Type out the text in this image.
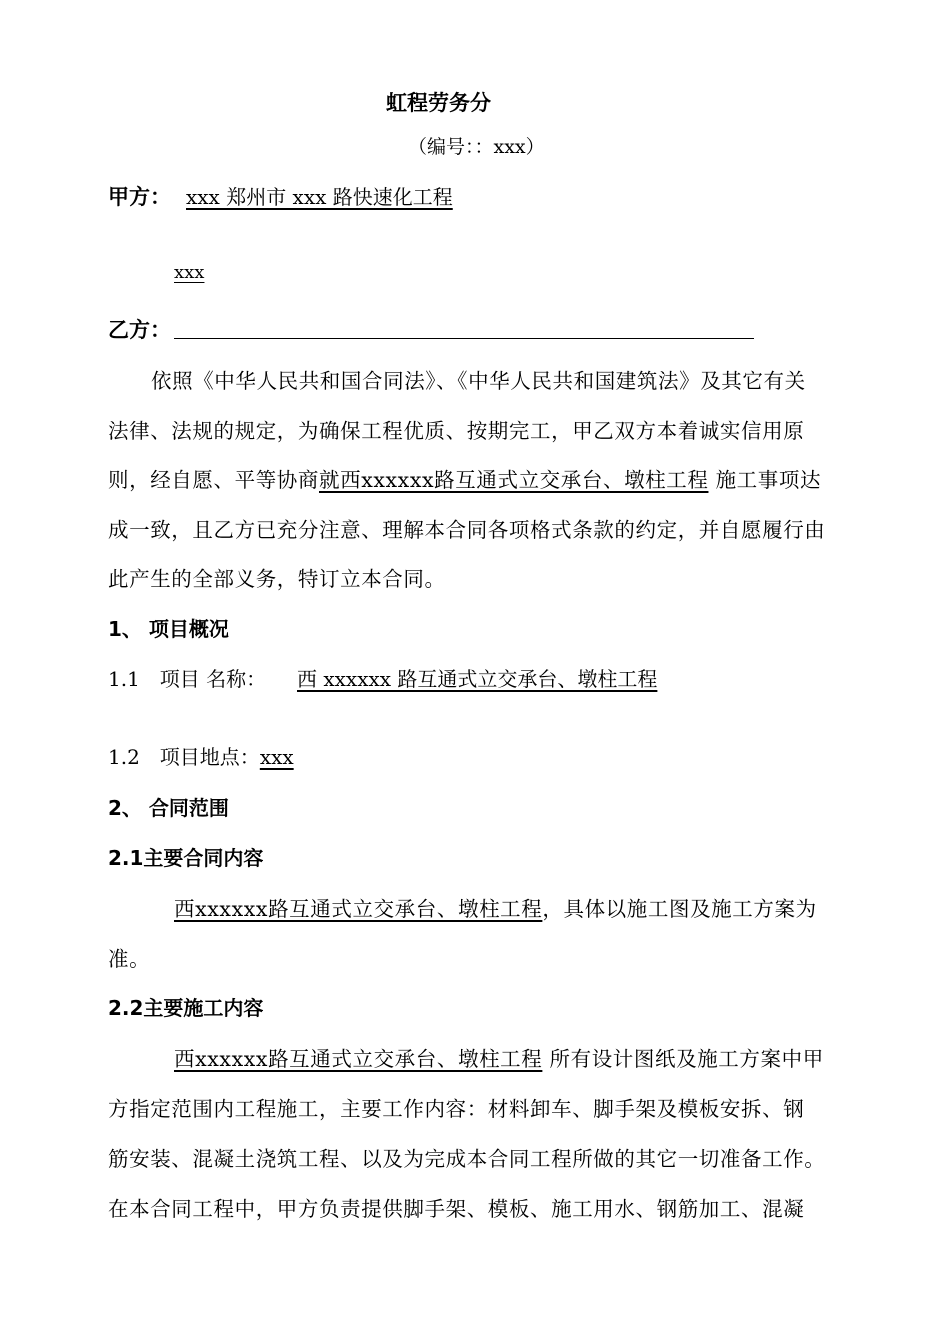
虹程劳务分
（编号：：xxx）
甲方： xxx 郑州市 xxx 路快速化工程
xxx
乙方：
依照《中华人民共和国合同法》、《中华人民共和国建筑法》及其它有关
法律、法规的规定，为确保工程优质、按期完工，甲乙双方本着诚实信用原
则，经自愿、平等协商就西xxxxxx路互通式立交承台、墩柱工程 施工事项达
成一致，且乙方已充分注意、理解本合同各项格式条款的约定，并自愿履行由
此产生的全部义务，特订立本合同。
1、 项目概况
1.1　项目 名称： 西 xxxxxx 路互通式立交承台、墩柱工程
1.2　项目地点：xxx
2、 合同范围
2.1主要合同内容
西xxxxxx路互通式立交承台、墩柱工程，具体以施工图及施工方案为
准。
2.2主要施工内容
西xxxxxx路互通式立交承台、墩柱工程 所有设计图纸及施工方案中甲
方指定范围内工程施工，主要工作内容：材料卸车、脚手架及模板安拆、钢
筋安装、混凝土浇筑工程、以及为完成本合同工程所做的其它一切准备工作。
在本合同工程中，甲方负责提供脚手架、模板、施工用水、钢筋加工、混凝
